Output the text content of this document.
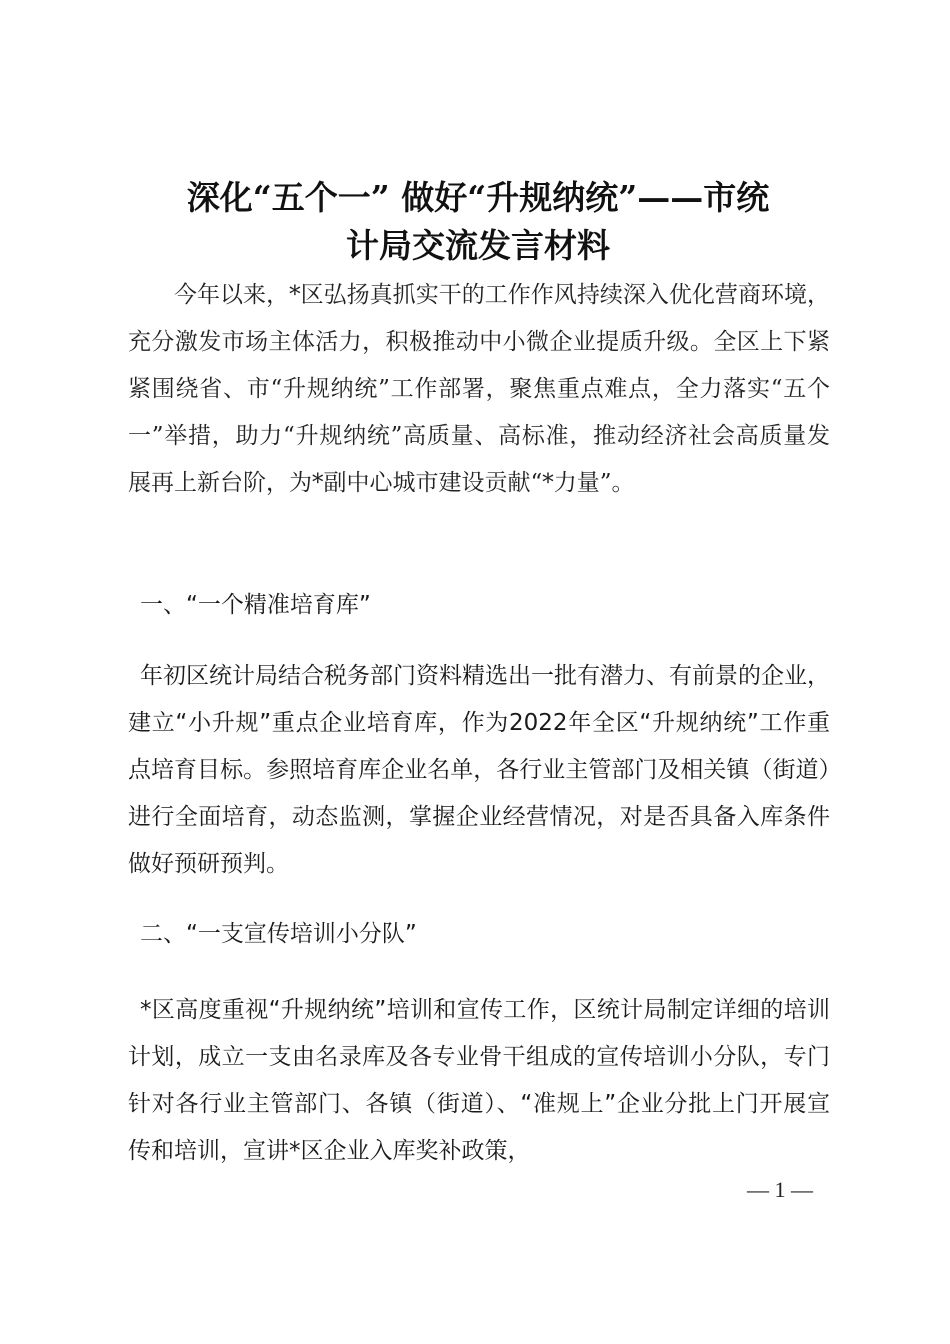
深化“五个一” 做好“升规纳统”——市统
计局交流发言材料

今年以来，*区弘扬真抓实干的工作作风持续深入优化营商环境，充分激发市场主体活力，积极推动中小微企业提质升级。全区上下紧紧围绕省、市“升规纳统”工作部署，聚焦重点难点，全力落实“五个一”举措，助力“升规纳统”高质量、高标准，推动经济社会高质量发展再上新台阶，为*副中心城市建设贡献“*力量”。

一、“一个精准培育库”

年初区统计局结合税务部门资料精选出一批有潜力、有前景的企业，建立“小升规”重点企业培育库，作为2022年全区“升规纳统”工作重点培育目标。参照培育库企业名单，各行业主管部门及相关镇（街道）进行全面培育，动态监测，掌握企业经营情况，对是否具备入库条件做好预研预判。

二、“一支宣传培训小分队”

*区高度重视“升规纳统”培训和宣传工作，区统计局制定详细的培训计划，成立一支由名录库及各专业骨干组成的宣传培训小分队，专门针对各行业主管部门、各镇（街道）、“准规上”企业分批上门开展宣传和培训，宣讲*区企业入库奖补政策，

— 1 —
